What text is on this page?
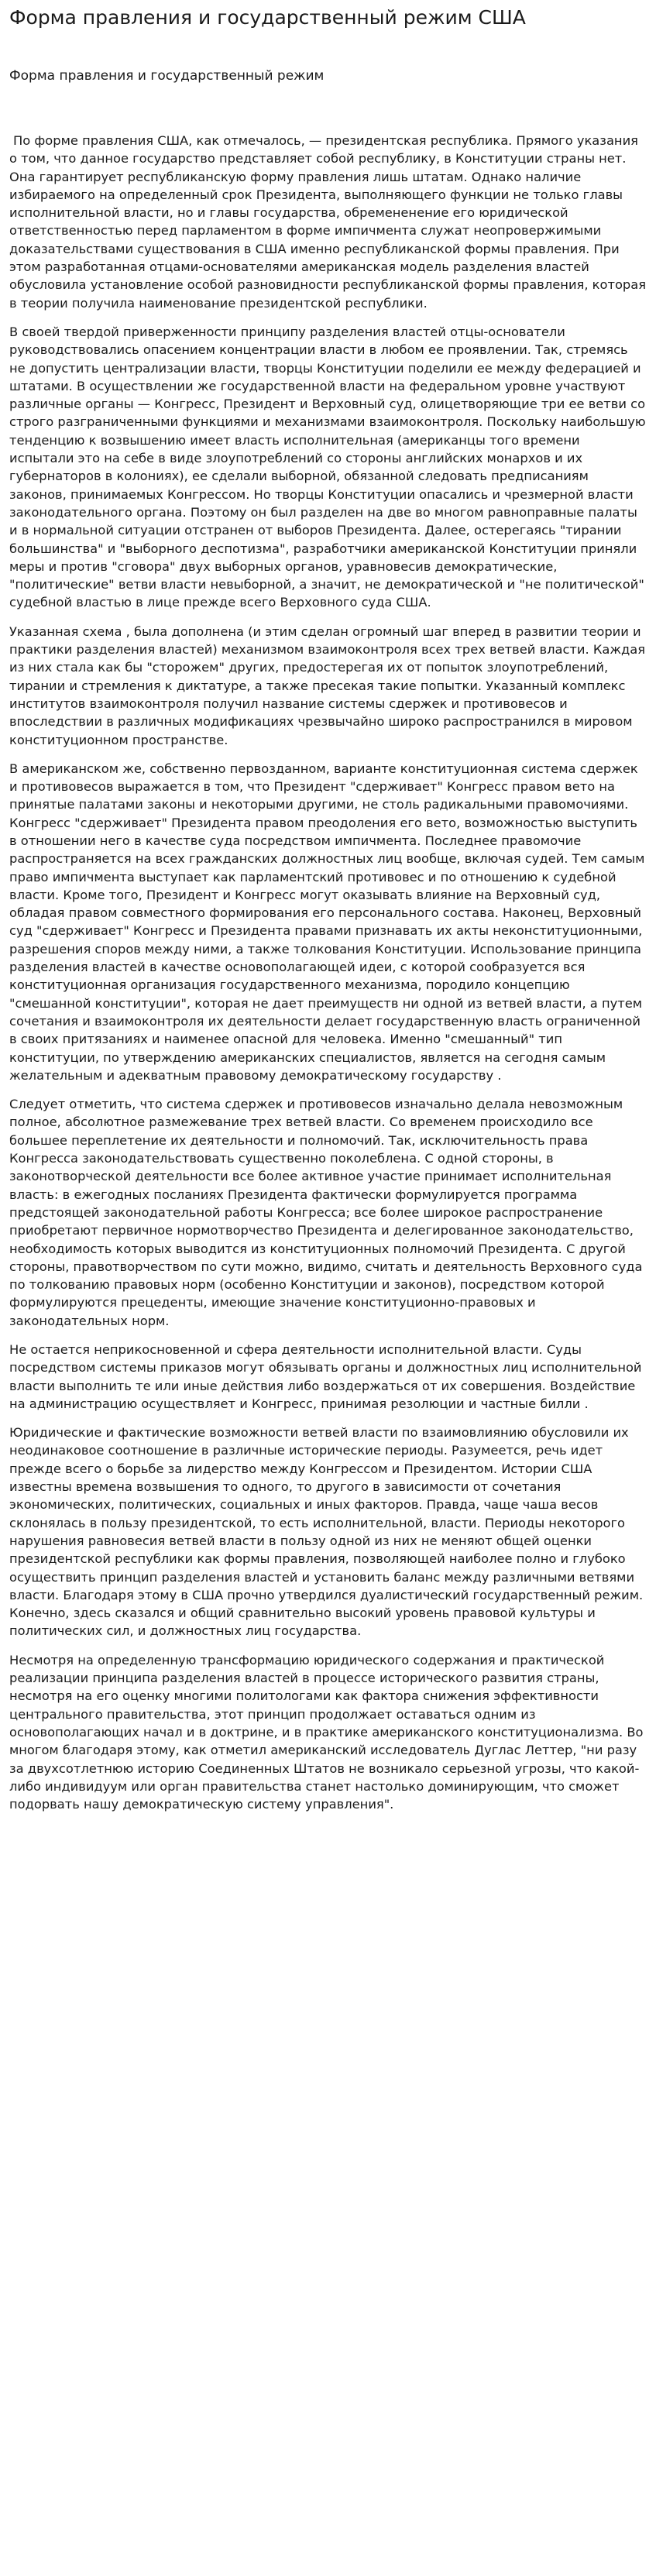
Форма правления и государственный режим США
Форма правления и государственный режим

По форме правления США, как отмечалось, — президентская республика. Прямого указания о том, что данное государство представляет собой республику, в Конституции страны нет. Она гарантирует республиканскую форму правления лишь штатам. Однако наличие избираемого на определенный срок Президента, выполняющего функции не только главы исполнительной власти, но и главы государства, обремененение его юридической ответственностью перед парламентом в форме импичмента служат неопровержимыми доказательствами существования в США именно республиканской формы правления. При этом разработанная отцами-основателями американская модель разделения властей обусловила установление особой разновидности республиканской формы правления, которая в теории получила наименование президентской республики.

В своей твердой приверженности принципу разделения властей отцы-основатели руководствовались опасением концентрации власти в любом ее проявлении. Так, стремясь не допустить централизации власти, творцы Конституции поделили ее между федерацией и штатами. В осуществлении же государственной власти на федеральном уровне участвуют различные органы — Конгресс, Президент и Верховный суд, олицетворяющие три ее ветви со строго разграниченными функциями и механизмами взаимоконтроля. Поскольку наибольшую тенденцию к возвышению имеет власть исполнительная (американцы того времени испытали это на себе в виде злоупотреблений со стороны английских монархов и их губернаторов в колониях), ее сделали выборной, обязанной следовать предписаниям законов, принимаемых Конгрессом. Но творцы Конституции опасались и чрезмерной власти законодательного органа. Поэтому он был разделен на две во многом равноправные палаты и в нормальной ситуации отстранен от выборов Президента. Далее, остерегаясь "тирании большинства" и "выборного деспотизма", разработчики американской Конституции приняли меры и против "сговора" двух выборных органов, уравновесив демократические, "политические" ветви власти невыборной, а значит, не демократической и "не политической" судебной властью в лице прежде всего Верховного суда США.

Указанная схема , была дополнена (и этим сделан огромный шаг вперед в развитии теории и практики разделения властей) механизмом взаимоконтроля всех трех ветвей власти. Каждая из них стала как бы "сторожем" других, предостерегая их от попыток злоупотреблений, тирании и стремления к диктатуре, а также пресекая такие попытки. Указанный комплекс институтов взаимоконтроля получил название системы сдержек и противовесов и впоследствии в различных модификациях чрезвычайно широко распространился в мировом конституционном пространстве.

В американском же, собственно первозданном, варианте конституционная система сдержек и противовесов выражается в том, что Президент "сдерживает" Конгресс правом вето на принятые палатами законы и некоторыми другими, не столь радикальными правомочиями. Конгресс "сдерживает" Президента правом преодоления его вето, возможностью выступить в отношении него в качестве суда посредством импичмента. Последнее правомочие распространяется на всех гражданских должностных лиц вообще, включая судей. Тем самым право импичмента выступает как парламентский противовес и по отношению к судебной власти. Кроме того, Президент и Конгресс могут оказывать влияние на Верховный суд, обладая правом совместного формирования его персонального состава. Наконец, Верховный суд "сдерживает" Конгресс и Президента правами признавать их акты неконституционными, разрешения споров между ними, а также толкования Конституции. Использование принципа разделения властей в качестве основополагающей идеи, с которой сообразуется вся конституционная организация государственного механизма, породило концепцию "смешанной конституции", которая не дает преимуществ ни одной из ветвей власти, а путем сочетания и взаимоконтроля их деятельности делает государственную власть ограниченной в своих притязаниях и наименее опасной для человека. Именно "смешанный" тип конституции, по утверждению американских специалистов, является на сегодня самым желательным и адекватным правовому демократическому государству .

Следует отметить, что система сдержек и противовесов изначально делала невозможным полное, абсолютное размежевание трех ветвей власти. Со временем происходило все большее переплетение их деятельности и полномочий. Так, исключительность права Конгресса законодательствовать существенно поколеблена. С одной стороны, в законотворческой деятельности все более активное участие принимает исполнительная власть: в ежегодных посланиях Президента фактически формулируется программа предстоящей законодательной работы Конгресса; все более широкое распространение приобретают первичное нормотворчество Президента и делегированное законодательство, необходимость которых выводится из конституционных полномочий Президента. С другой стороны, правотворчеством по сути можно, видимо, считать и деятельность Верховного суда по толкованию правовых норм (особенно Конституции и законов), посредством которой формулируются прецеденты, имеющие значение конституционно-правовых и законодательных норм.

Не остается неприкосновенной и сфера деятельности исполнительной власти. Суды посредством системы приказов могут обязывать органы и должностных лиц исполнительной власти выполнить те или иные действия либо воздержаться от их совершения. Воздействие на администрацию осуществляет и Конгресс, принимая резолюции и частные билли .

Юридические и фактические возможности ветвей власти по взаимовлиянию обусловили их неодинаковое соотношение в различные исторические периоды. Разумеется, речь идет прежде всего о борьбе за лидерство между Конгрессом и Президентом. Истории США известны времена возвышения то одного, то другого в зависимости от сочетания экономических, политических, социальных и иных факторов. Правда, чаще чаша весов склонялась в пользу президентской, то есть исполнительной, власти. Периоды некоторого нарушения равновесия ветвей власти в пользу одной из них не меняют общей оценки президентской республики как формы правления, позволяющей наиболее полно и глубоко осуществить принцип разделения властей и установить баланс между различными ветвями власти. Благодаря этому в США прочно утвердился дуалистический государственный режим. Конечно, здесь сказался и общий сравнительно высокий уровень правовой культуры и политических сил, и должностных лиц государства.

Несмотря на определенную трансформацию юридического содержания и практической реализации принципа разделения властей в процессе исторического развития страны, несмотря на его оценку многими политологами как фактора снижения эффективности центрального правительства, этот принцип продолжает оставаться одним из основополагающих начал и в доктрине, и в практике американского конституционализма. Во многом благодаря этому, как отметил американский исследователь Дуглас Леттер, "ни разу за двухсотлетнюю историю Соединенных Штатов не возникало серьезной угрозы, что какой-либо индивидуум или орган правительства станет настолько доминирующим, что сможет подорвать нашу демократическую систему управления".
